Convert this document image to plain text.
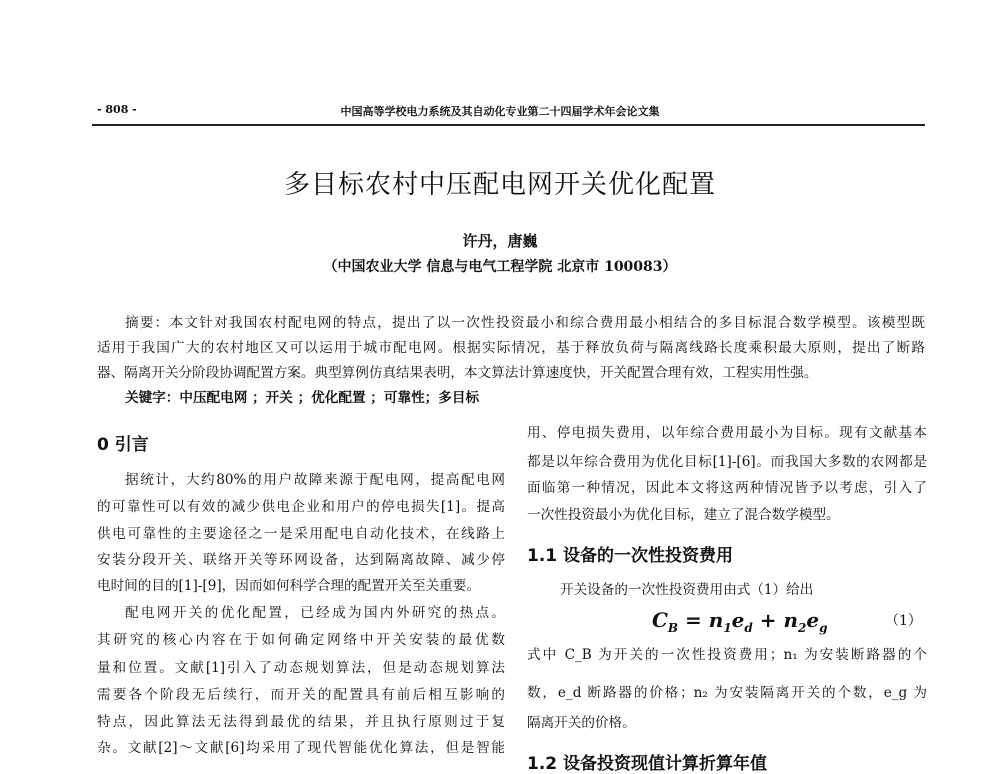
- 808 -	中国高等学校电力系统及其自动化专业第二十四届学术年会论文集
多目标农村中压配电网开关优化配置
许丹，唐巍
（中国农业大学 信息与电气工程学院 北京市 100083）
摘要：本文针对我国农村配电网的特点，提出了以一次性投资最小和综合费用最小相结合的多目标混合数学模型。该模型既
适用于我国广大的农村地区又可以运用于城市配电网。根据实际情况，基于释放负荷与隔离线路长度乘积最大原则，提出了断路
器、隔离开关分阶段协调配置方案。典型算例仿真结果表明，本文算法计算速度快，开关配置合理有效，工程实用性强。
关键字：中压配电网 ；开关 ；优化配置 ；可靠性；多目标
0 引言
据统计，大约80%的用户故障来源于配电网，提高配电网
的可靠性可以有效的减少供电企业和用户的停电损失[1]。提高
供电可靠性的主要途径之一是采用配电自动化技术，在线路上
安装分段开关、联络开关等环网设备，达到隔离故障、减少停
电时间的目的[1]-[9]，因而如何科学合理的配置开关至关重要。
配电网开关的优化配置，已经成为国内外研究的热点。
其研究的核心内容在于如何确定网络中开关安装的最优数
量和位置。文献[1]引入了动态规划算法，但是动态规划算法
需要各个阶段无后续行，而开关的配置具有前后相互影响的
特点，因此算法无法得到最优的结果，并且执行原则过于复
杂。文献[2]～文献[6]均采用了现代智能优化算法，但是智能
用、停电损失费用，以年综合费用最小为目标。现有文献基本
都是以年综合费用为优化目标[1]-[6]。而我国大多数的农网都是
面临第一种情况，因此本文将这两种情况皆予以考虑，引入了
一次性投资最小为优化目标，建立了混合数学模型。
1.1 设备的一次性投资费用
开关设备的一次性投资费用由式（1）给出
$C_B = n_1e_d + n_2e_g$	（1）
式中 C_B 为开关的一次性投资费用；n₁ 为安装断路器的个
数，e_d 断路器的价格；n₂ 为安装隔离开关的个数，e_g 为
隔离开关的价格。
1.2 设备投资现值计算折算年值
